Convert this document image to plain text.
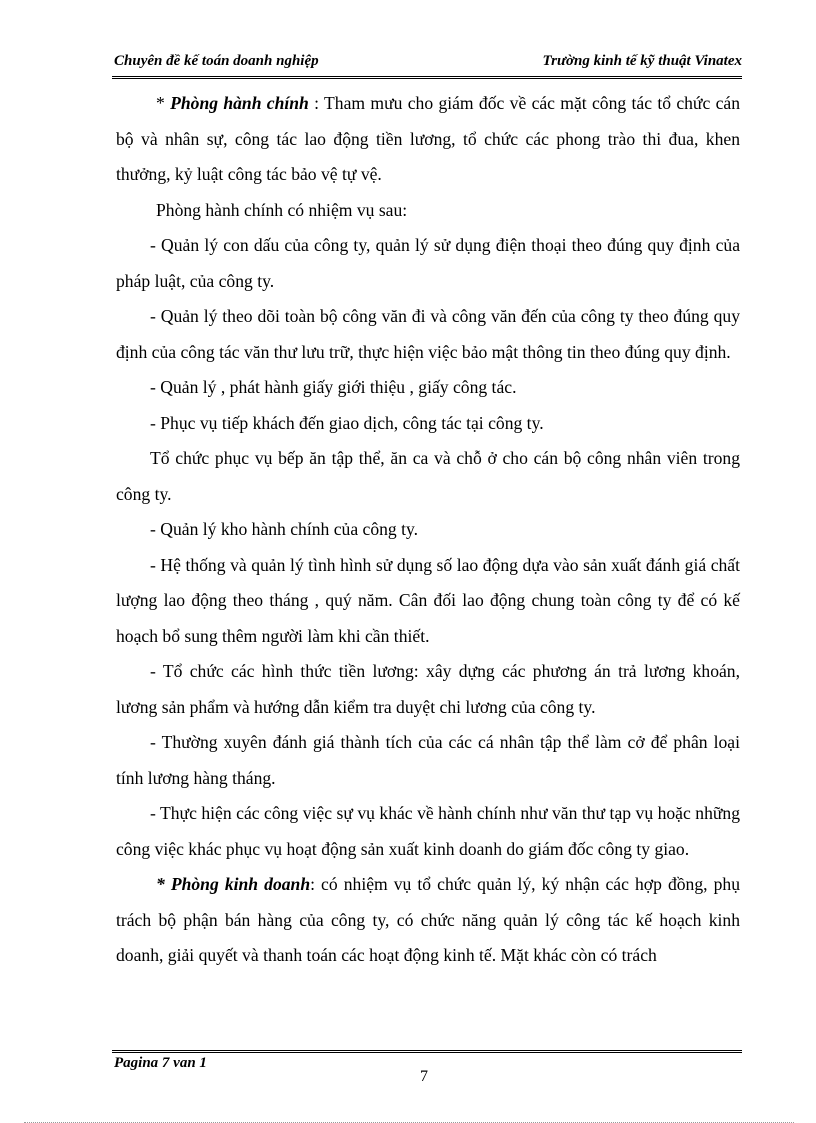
Chuyên đề kế toán doanh nghiệp	Trường kinh tế kỹ thuật Vinatex

* Phòng hành chính : Tham mưu cho giám đốc về các mặt công tác tổ chức cán bộ và nhân sự, công tác lao động tiền lương, tổ chức các phong trào thi đua, khen thưởng, kỷ luật công tác bảo vệ tự vệ.

Phòng hành chính có nhiệm vụ sau:

- Quản lý con dấu của công ty, quản lý sử dụng điện thoại theo đúng quy định của pháp luật, của công ty.

- Quản lý theo dõi toàn bộ công văn đi và công văn đến của công ty theo đúng quy định của công tác văn thư lưu trữ, thực hiện việc bảo mật thông tin theo đúng quy định.

- Quản lý , phát hành giấy giới thiệu , giấy công tác.

- Phục vụ tiếp khách đến giao dịch, công tác tại công ty.

Tổ chức phục vụ bếp ăn tập thể, ăn ca và chỗ ở cho cán bộ công nhân viên trong công ty.

- Quản lý kho hành chính của công ty.

- Hệ thống và quản lý tình hình sử dụng số lao động dựa vào sản xuất đánh giá chất lượng lao động theo tháng , quý năm. Cân đối lao động chung toàn công ty để có kế hoạch bổ sung thêm người làm khi cần thiết.

- Tổ chức các hình thức tiền lương: xây dựng các phương án trả lương khoán, lương sản phẩm và hướng dẫn kiểm tra duyệt chi lương của công ty.

- Thường xuyên đánh giá thành tích của các cá nhân tập thể làm cở để phân loại tính lương hàng tháng.

- Thực hiện các công việc sự vụ khác về hành chính như văn thư tạp vụ hoặc những công việc khác phục vụ hoạt động sản xuất kinh doanh do giám đốc công ty giao.

* Phòng kinh doanh: có nhiệm vụ tổ chức quản lý, ký nhận các hợp đồng, phụ trách bộ phận bán hàng của công ty, có chức năng quản lý công tác kế hoạch kinh doanh, giải quyết và thanh toán các hoạt động kinh tế. Mặt khác còn có trách

Pagina 7 van 1
7
